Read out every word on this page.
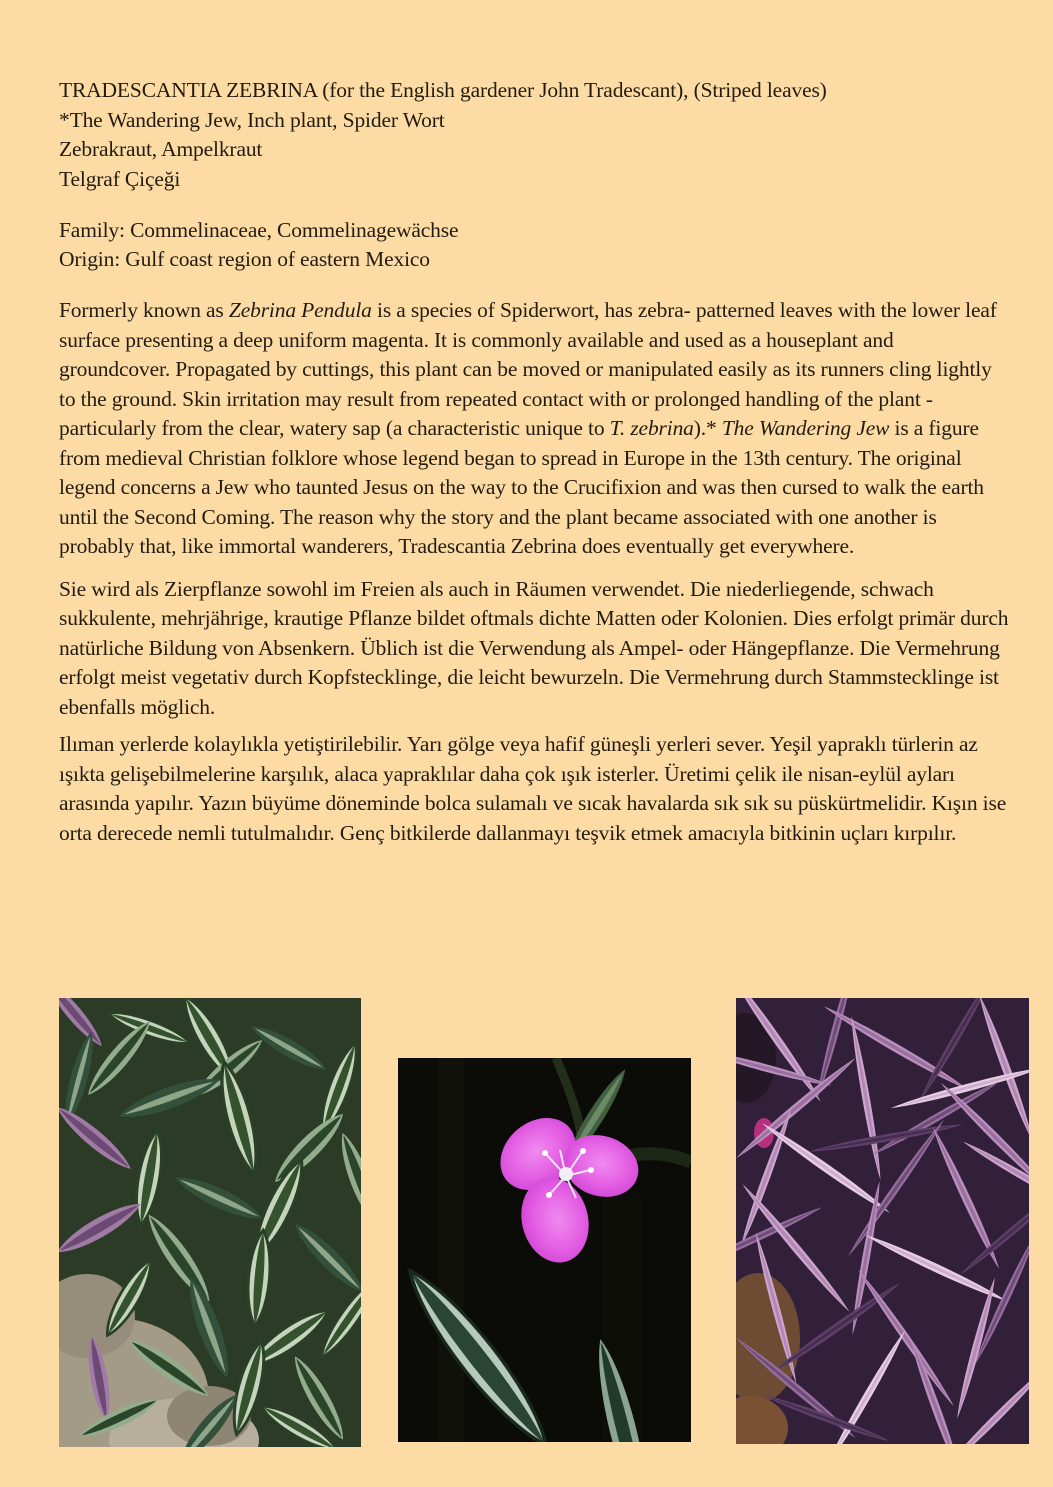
TRADESCANTIA ZEBRINA (for the English gardener John Tradescant), (Striped leaves)
*The Wandering Jew, Inch plant, Spider Wort
Zebrakraut, Ampelkraut
Telgraf Çiçeği

Family: Commelinaceae, Commelinagewächse
Origin: Gulf coast region of eastern Mexico

Formerly known as Zebrina Pendula is a species of Spiderwort, has zebra- patterned leaves with the lower leaf surface presenting a deep uniform magenta. It is commonly available and used as a houseplant and groundcover. Propagated by cuttings, this plant can be moved or manipulated easily as its runners cling lightly to the ground. Skin irritation may result from repeated contact with or prolonged handling of the plant - particularly from the clear, watery sap (a characteristic unique to T. zebrina).* The Wandering Jew is a figure from medieval Christian folklore whose legend began to spread in Europe in the 13th century. The original legend concerns a Jew who taunted Jesus on the way to the Crucifixion and was then cursed to walk the earth until the Second Coming. The reason why the story and the plant became associated with one another is probably that, like immortal wanderers, Tradescantia Zebrina does eventually get everywhere.

Sie wird als Zierpflanze sowohl im Freien als auch in Räumen verwendet. Die niederliegende, schwach sukkulente, mehrjährige, krautige Pflanze bildet oftmals dichte Matten oder Kolonien. Dies erfolgt primär durch natürliche Bildung von Absenkern. Üblich ist die Verwendung als Ampel- oder Hängepflanze. Die Vermehrung erfolgt meist vegetativ durch Kopfstecklinge, die leicht bewurzeln. Die Vermehrung durch Stammstecklinge ist ebenfalls möglich.

Ilıman yerlerde kolaylıkla yetiştirilebilir. Yarı gölge veya hafif güneşli yerleri sever. Yeşil yapraklı türlerin az ışıkta gelişebilmelerine karşılık, alaca yapraklılar daha çok ışık isterler. Üretimi çelik ile nisan-eylül ayları arasında yapılır. Yazın büyüme döneminde bolca sulamalı ve sıcak havalarda sık sık su püskürtmelidir. Kışın ise orta derecede nemli tutulmalıdır. Genç bitkilerde dallanmayı teşvik etmek amacıyla bitkinin uçları kırpılır.
